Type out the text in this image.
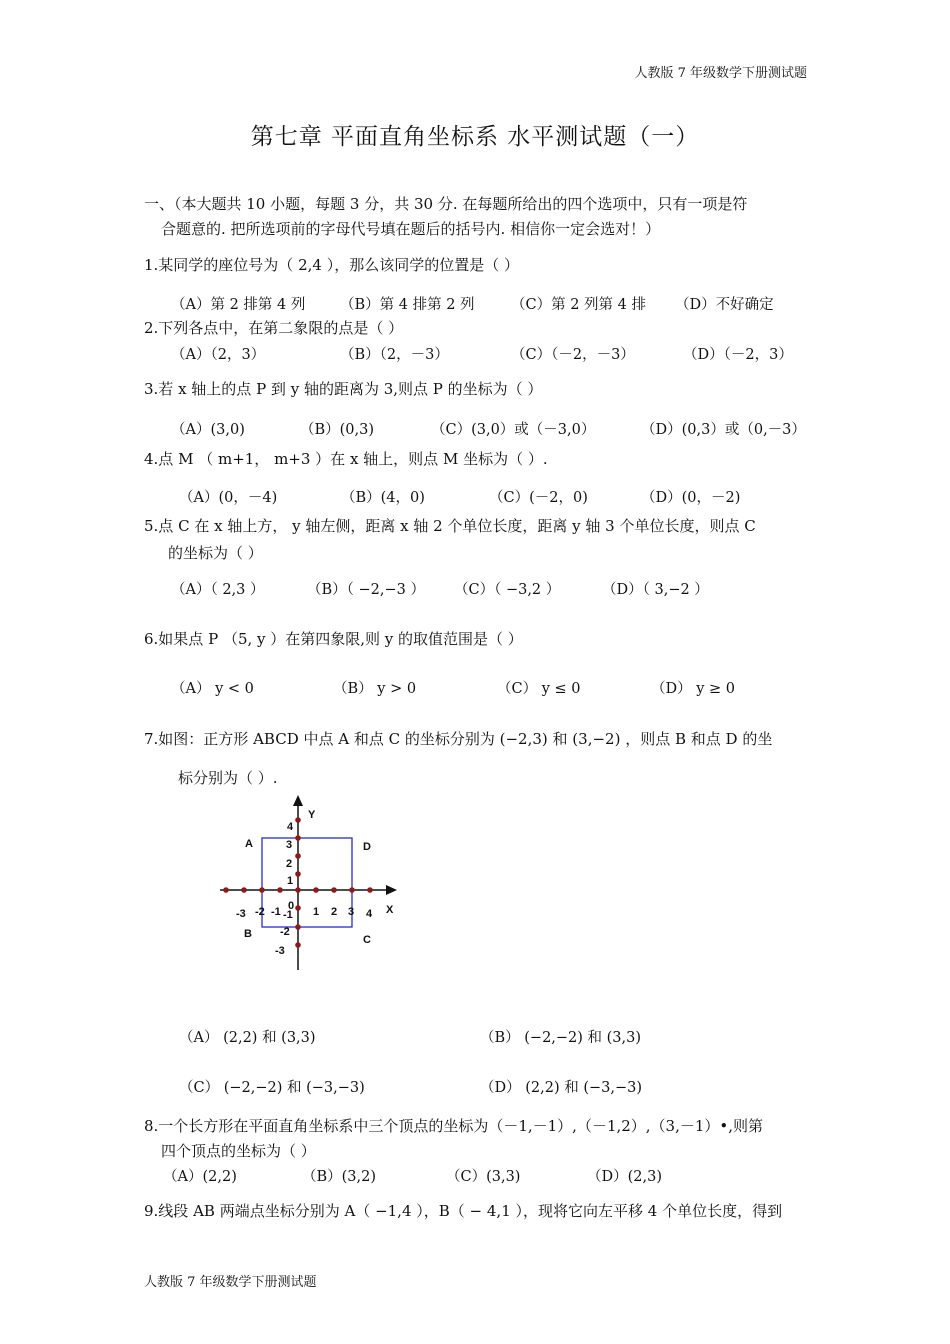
人教版 7 年级数学下册测试题
第七章 平面直角坐标系 水平测试题（一）
一、（本大题共 10 小题，每题 3 分，共 30 分. 在每题所给出的四个选项中，只有一项是符
合题意的. 把所选项前的字母代号填在题后的括号内. 相信你一定会选对！）
1.某同学的座位号为（ 2,4 ），那么该同学的位置是（ ）
（A）第 2 排第 4 列 （B）第 4 排第 2 列	（C）第 2 列第 4 排 （D）不好确定
2.下列各点中，在第二象限的点是（ ）
（A）（2，3）	（B）（2，－3）	（C）（－2，－3）	（D）（－2，3）
3.若 x 轴上的点 P 到 y 轴的距离为 3,则点 P 的坐标为（ ）
（A）(3,0)	（B）(0,3)	（C）(3,0）或（－3,0）	（D）(0,3）或（0,－3）
4.点 M （ m+1， m+3 ）在 x 轴上，则点 M 坐标为（ ）.
（A）(0，－4)	（B）(4，0)	（C）(－2，0)	（D）(0，－2)
5.点 C 在 x 轴上方， y 轴左侧，距离 x 轴 2 个单位长度，距离 y 轴 3 个单位长度，则点 C
的坐标为（ ）
（A）（ 2,3 ）	（B）（ −2,−3 ） （C）（ −3,2 ）	（D）（ 3,−2 ）
6.如果点 P （5, y ）在第四象限,则 y 的取值范围是（ ）
（A） y < 0	（B） y > 0	（C） y ≤ 0	（D） y ≥ 0
7.如图：正方形 ABCD 中点 A 和点 C 的坐标分别为 (−2,3) 和 (3,−2) ，则点 B 和点 D 的坐
标分别为（ ）.
X
Y
0
-3 -2 -1	1 2 3 4
4
3
2
1
-1
-2
-3
A
B	C
D
（A） (2,2) 和 (3,3)	（B） (−2,−2) 和 (3,3)
（C） (−2,−2) 和 (−3,−3)	（D） (2,2) 和 (−3,−3)
8.一个长方形在平面直角坐标系中三个顶点的坐标为（－1,－1）,（－1,2）,（3,－1）•,则第
四个顶点的坐标为（ ）
（A）(2,2)	（B）(3,2)	（C）(3,3)	（D）(2,3)
9.线段 AB 两端点坐标分别为 A（ −1,4 ），B（ − 4,1 ），现将它向左平移 4 个单位长度，得到
人教版 7 年级数学下册测试题
